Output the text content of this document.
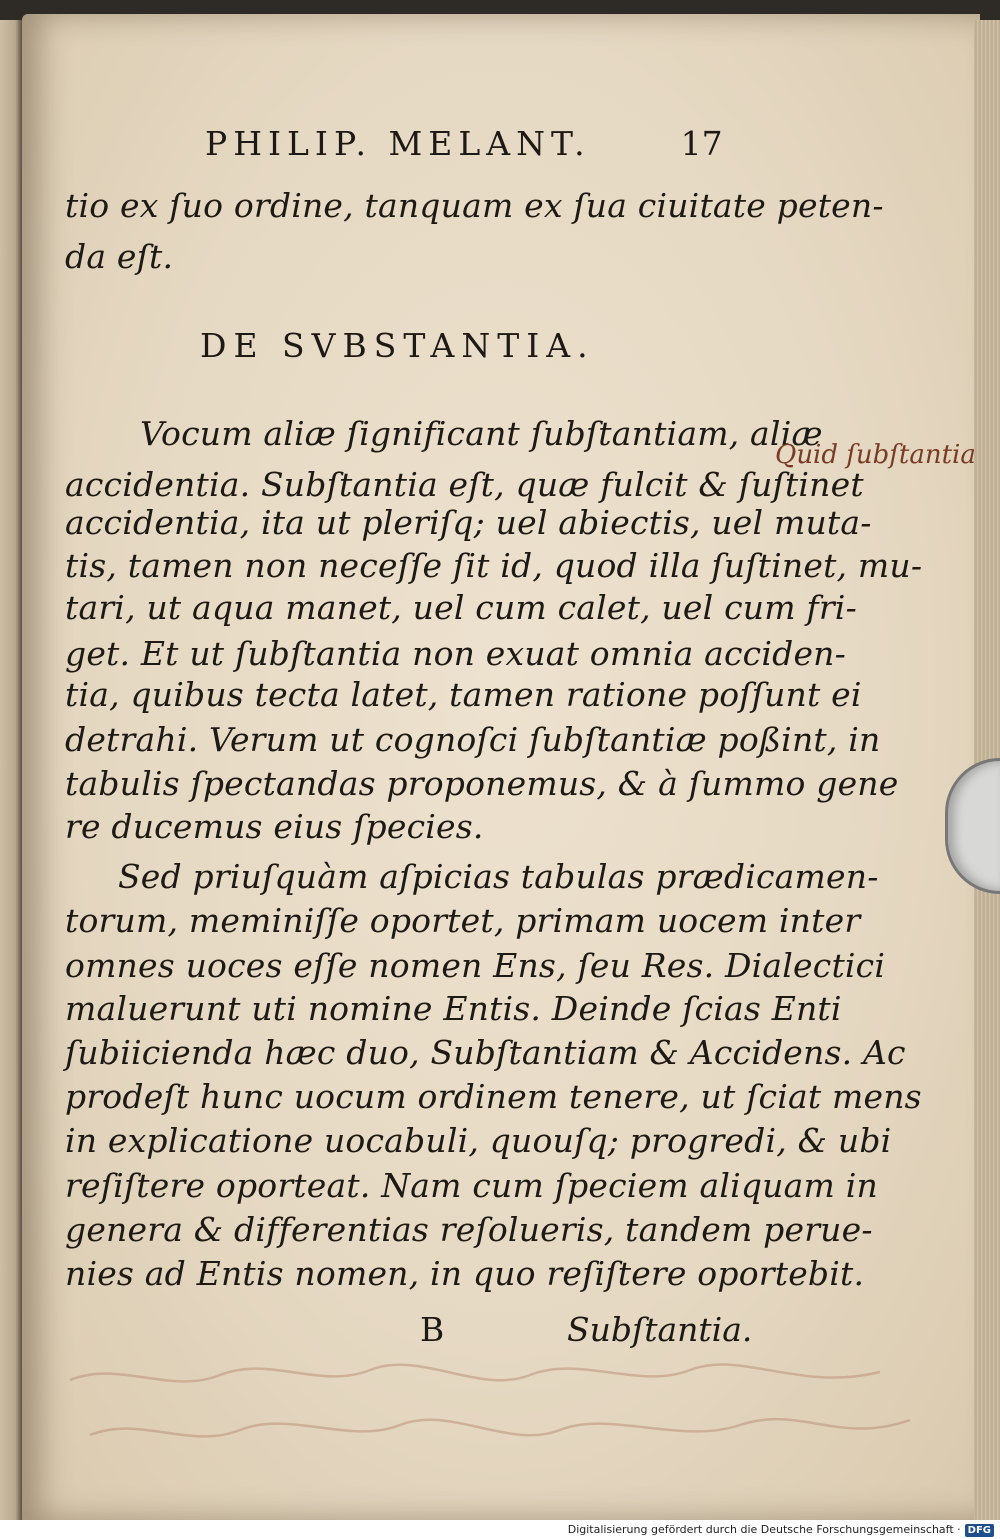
PHILIP. MELANT.	17
tio ex ſuo ordine, tanquam ex ſua ciuitate peten-
da eſt.
DE SVBSTANTIA.
Vocum aliæ ſignificant ſubſtantiam, aliæ
accidentia. Subſtantia eſt, quæ fulcit & ſuſtinet
accidentia, ita ut pleriſq; uel abiectis, uel muta-
tis, tamen non neceſſe ſit id, quod illa ſuſtinet, mu-
tari, ut aqua manet, uel cum calet, uel cum fri-
get. Et ut ſubſtantia non exuat omnia acciden-
tia, quibus tecta latet, tamen ratione poſſunt ei
detrahi. Verum ut cognoſci ſubſtantiæ poßint, in
tabulis ſpectandas proponemus, & à ſummo gene
re ducemus eius ſpecies.
Sed priuſquàm aſpicias tabulas prædicamen-
torum, meminiſſe oportet, primam uocem inter
omnes uoces eſſe nomen Ens, ſeu Res. Dialectici
maluerunt uti nomine Entis. Deinde ſcias Enti
ſubiicienda hæc duo, Subſtantiam & Accidens. Ac
prodeſt hunc uocum ordinem tenere, ut ſciat mens
in explicatione uocabuli, quouſq; progredi, & ubi
reſiſtere oporteat. Nam cum ſpeciem aliquam in
genera & differentias reſolueris, tandem perue-
nies ad Entis nomen, in quo reſiſtere oportebit.
Quid ſubſtantia
B	Subſtantia.
Digitalisierung gefördert durch die Deutsche Forschungsgemeinschaft · DFG
